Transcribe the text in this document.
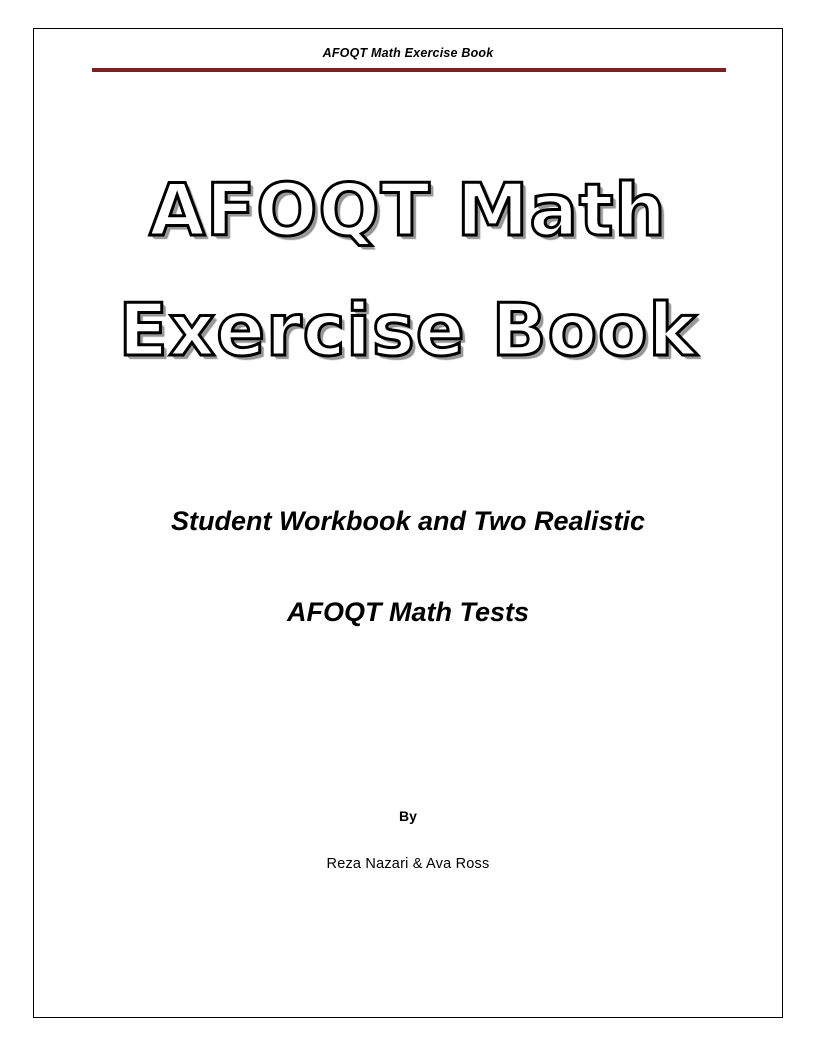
AFOQT Math Exercise Book
AFOQT Math
Exercise Book
Student Workbook and Two Realistic
AFOQT Math Tests
By
Reza Nazari & Ava Ross
